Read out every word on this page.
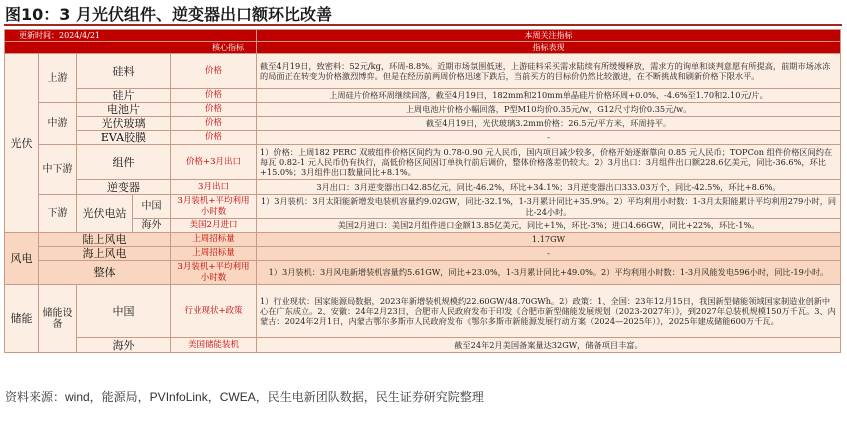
图10：3 月光伏组件、逆变器出口额环比改善
更新时间：2024/4/21					本周关注指标

核心指标					指标表现
光伏	上游	硅料		价格	截至4月19日，致密料：52元/kg，环周-8.8%。近期市场氛围低迷，上游硅料采买需求陆续有所缓慢释放，需求方的询单和谈判意愿有所提高，前期市场冰冻的局面正在转变为价格激烈博弈。但是在经历前两周价格迅速下跌后，当前买方的目标价仍然比较激进，在不断挑战和刷新价格下限水平。
		硅片		价格	上周硅片价格环周继续回落，截至4月19日，182mm和210mm单晶硅片价格环周+0.0%、-4.6%至1.70和2.10元/片。
	中游	电池片		价格	上周电池片价格小幅回落，P型M10均价0.35元/w，G12尺寸均价0.35元/w。
		光伏玻璃		价格	截至4月19日，光伏玻璃3.2mm价格：26.5元/平方米，环周持平。
		EVA胶膜		价格	-
	中下游	组件		价格+3月出口	1）价格：上周182 PERC 双玻组件价格区间约为 0.78-0.90 元人民币，国内项目减少较多，价格开始逐渐靠向 0.85 元人民币；TOPCon 组件价格区间约在每瓦 0.82-1 元人民币仍有执行，高低价格区间因订单执行前后调价，整体价格落差仍较大。2）3月出口：3月组件出口额228.6亿美元，同比-36.6%，环比+15.0%；3月组件出口数量同比+8.1%。
		逆变器		3月出口	3月出口：3月逆变器出口42.85亿元，同比-46.2%，环比+34.1%；3月逆变器出口333.03万个，同比-42.5%，环比+8.6%。
	下游	光伏电站	中国	3月装机+平均利用小时数	1）3月装机：3月太阳能新增发电装机容量约9.02GW，同比-32.1%，1-3月累计同比+35.9%。2）平均利用小时数：1-3月太阳能累计平均利用279小时，同比-24小时。
			海外	美国2月进口	美国2月进口：美国2月组件进口金额13.85亿美元，同比+1%，环比-3%；进口4.66GW，同比+22%，环比-1%。

风电	陆上风电			上周招标量	1.17GW
	海上风电			上周招标量	-
	整体			3月装机+平均利用小时数	1）3月装机：3月风电新增装机容量约5.61GW，同比+23.0%，1-3月累计同比+49.0%。2）平均利用小时数：1-3月风能发电596小时，同比-19小时。
储能	储能设备	中国		行业现状+政策	1）行业现状：国家能源局数据，2023年新增装机规模约22.60GW/48.70GWh。2）政策：1、全国：23年12月15日，我国新型储能领域国家制造业创新中心在广东成立。2、安徽：24年2月23日，合肥市人民政府发布于印发《合肥市新型储能发展规划（2023-2027年）》，到2027年总装机规模150万千瓦。3、内蒙古：2024年2月1日，内蒙古鄂尔多斯市人民政府发布《鄂尔多斯市新能源发展行动方案（2024—2025年）》，2025年建成储能600万千瓦。
		海外		美国储能装机	截至24年2月美国备案量达32GW，储备项目丰富。
资料来源：wind，能源局，PVInfoLink，CWEA，民生电新团队数据，民生证券研究院整理
